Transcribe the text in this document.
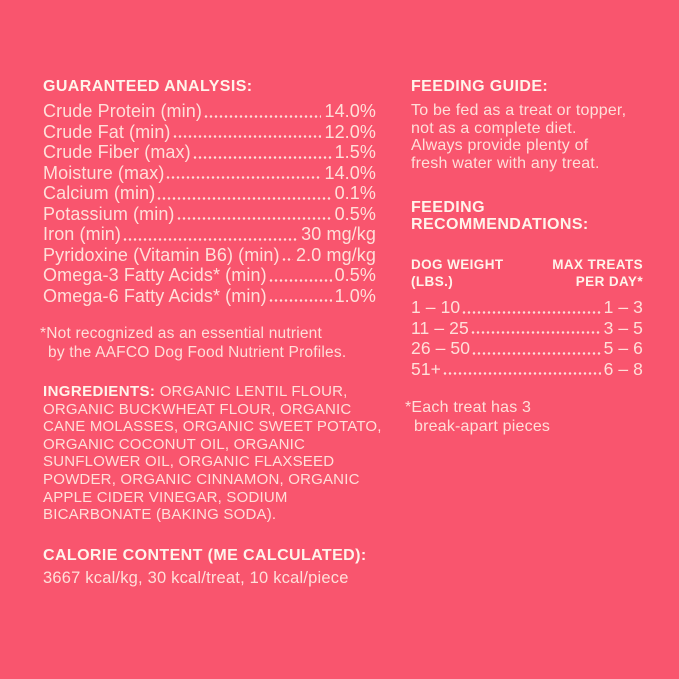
GUARANTEED ANALYSIS:
Crude Protein (min)	14.0%
Crude Fat (min)	12.0%
Crude Fiber (max)	1.5%
Moisture (max)	14.0%
Calcium (min)	0.1%
Potassium (min)	0.5%
Iron (min)	30 mg/kg
Pyridoxine (Vitamin B6) (min) 2.0 mg/kg
Omega-3 Fatty Acids* (min)	0.5%
Omega-6 Fatty Acids* (min)	1.0%
*Not recognized as an essential nutrient
by the AAFCO Dog Food Nutrient Profiles.

INGREDIENTS: ORGANIC LENTIL FLOUR, ORGANIC BUCKWHEAT FLOUR, ORGANIC CANE MOLASSES, ORGANIC SWEET POTATO, ORGANIC COCONUT OIL, ORGANIC SUNFLOWER OIL, ORGANIC FLAXSEED POWDER, ORGANIC CINNAMON, ORGANIC APPLE CIDER VINEGAR, SODIUM BICARBONATE (BAKING SODA).

CALORIE CONTENT (ME CALCULATED):

3667 kcal/kg, 30 kcal/treat, 10 kcal/piece

FEEDING GUIDE:
To be fed as a treat or topper,
not as a complete diet.
Always provide plenty of
fresh water with any treat.
FEEDING
RECOMMENDATIONS:
DOG WEIGHT
(LBS.)
MAX TREATS
PER DAY*
1 – 10	1 – 3
11 – 25	3 – 5
26 – 50	5 – 6
51+	6 – 8
*Each treat has 3
break-apart pieces
